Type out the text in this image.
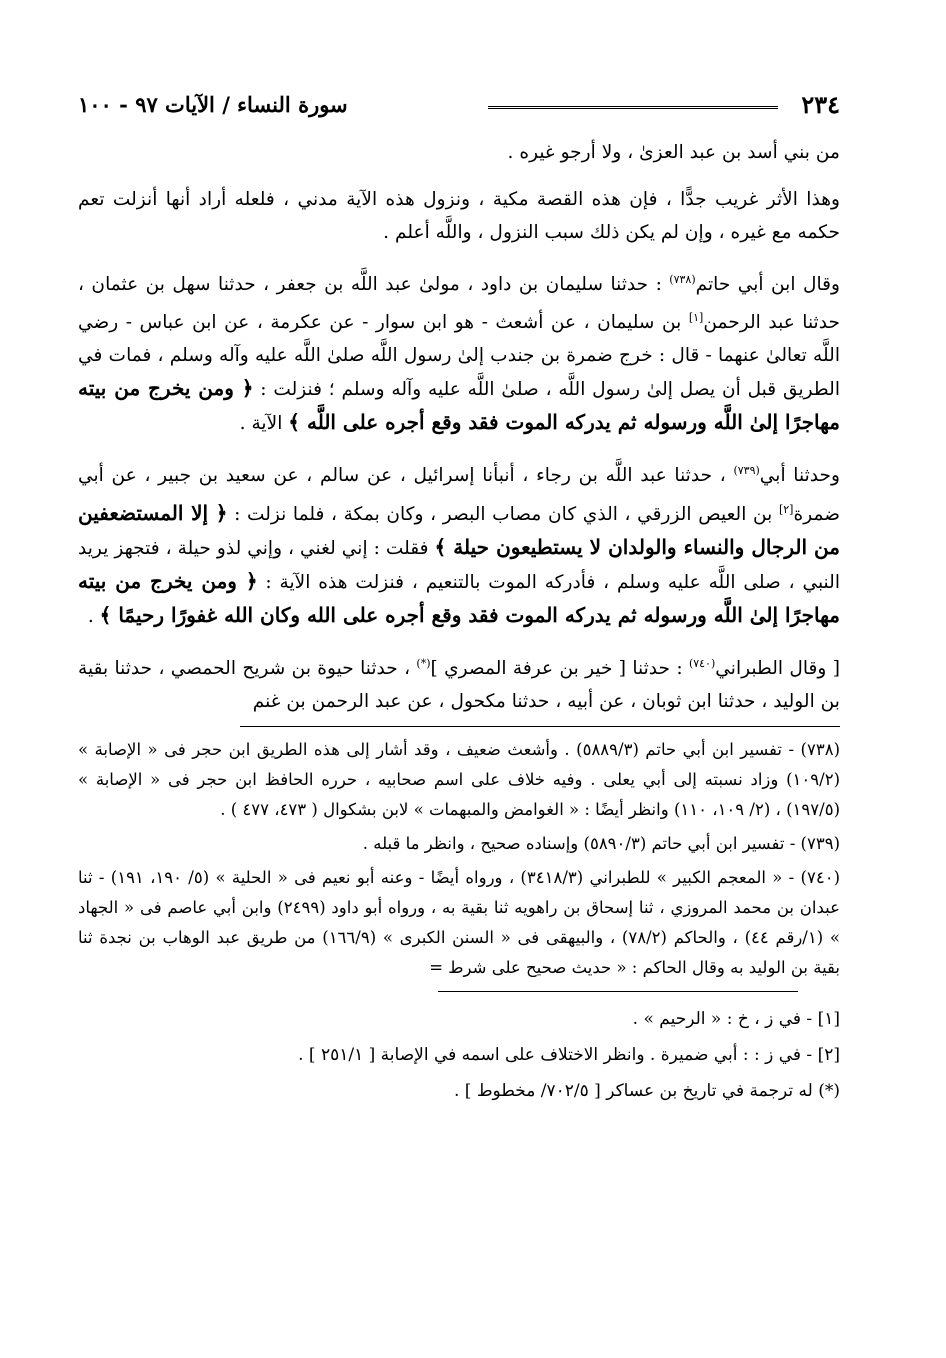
٢٣٤
سورة النساء / الآيات ٩٧ - ١٠٠

من بني أسد بن عبد العزىٰ ، ولا أرجو غيره .

وهذا الأثر غريب جدًّا ، فإن هذه القصة مكية ، ونزول هذه الآية مدني ، فلعله أراد أنها أنزلت تعم حكمه مع غيره ، وإن لم يكن ذلك سبب النزول ، واللَّه أعلم .

وقال ابن أبي حاتم$^{(٧٣٨)}$ : حدثنا سليمان بن داود ، مولىٰ عبد اللَّه بن جعفر ، حدثنا سهل بن عثمان ، حدثنا عبد الرحمن[١] بن سليمان ، عن أشعث - هو ابن سوار - عن عكرمة ، عن ابن عباس - رضي اللَّه تعالىٰ عنهما - قال : خرج ضمرة بن جندب إلىٰ رسول اللَّه صلىٰ اللَّه عليه وآله وسلم ، فمات في الطريق قبل أن يصل إلىٰ رسول اللَّه ، صلىٰ اللَّه عليه وآله وسلم ؛ فنزلت : ﴿ ومن يخرج من بيته مهاجرًا إلىٰ اللَّه ورسوله ثم يدركه الموت فقد وقع أجره على اللَّه ﴾ الآية .

وحدثنا أبي$^{(٧٣٩)}$ ، حدثنا عبد اللَّه بن رجاء ، أنبأنا إسرائيل ، عن سالم ، عن سعيد بن جبير ، عن أبي ضمرة[٢] بن العيص الزرقي ، الذي كان مصاب البصر ، وكان بمكة ، فلما نزلت : ﴿ إلا المستضعفين من الرجال والنساء والولدان لا يستطيعون حيلة ﴾ فقلت : إني لغني ، وإني لذو حيلة ، فتجهز يريد النبي ، صلى اللَّه عليه وسلم ، فأدركه الموت بالتنعيم ، فنزلت هذه الآية : ﴿ ومن يخرج من بيته مهاجرًا إلىٰ اللَّه ورسوله ثم يدركه الموت فقد وقع أجره على الله وكان الله غفورًا رحيمًا ﴾ .

[ وقال الطبراني$^{(٧٤٠)}$ : حدثنا [ خير بن عرفة المصري ](*) ، حدثنا حيوة بن شريح الحمصي ، حدثنا بقية بن الوليد ، حدثنا ابن ثوبان ، عن أبيه ، حدثنا مكحول ، عن عبد الرحمن بن غنم

(٧٣٨) - تفسير ابن أبي حاتم (٥٨٨٩/٣) . وأشعث ضعيف ، وقد أشار إلى هذه الطريق ابن حجر فى « الإصابة » (١٠٩/٢) وزاد نسبته إلى أبي يعلى . وفيه خلاف على اسم صحابيه ، حرره الحافظ ابن حجر فى « الإصابة » (١٩٧/٥) ، (٢/ ١٠٩، ١١٠) وانظر أيضًا : « الغوامض والمبهمات » لابن بشكوال ( ٤٧٣، ٤٧٧ ) .

(٧٣٩) - تفسير ابن أبي حاتم (٥٨٩٠/٣) وإسناده صحيح ، وانظر ما قبله .

(٧٤٠) - « المعجم الكبير » للطبراني (٣٤١٨/٣) ، ورواه أيضًا - وعنه أبو نعيم فى « الحلية » (٥/ ١٩٠، ١٩١) - ثنا عبدان بن محمد المروزي ، ثنا إسحاق بن راهويه ثنا بقية به ، ورواه أبو داود (٢٤٩٩) وابن أبي عاصم فى « الجهاد » (١/رقم ٤٤) ، والحاكم (٧٨/٢) ، والبيهقى فى « السنن الكبرى » (١٦٦/٩) من طريق عبد الوهاب بن نجدة ثنا بقية بن الوليد به وقال الحاكم : « حديث صحيح على شرط =

[١] - في ز ، خ : « الرحيم » .

[٢] - في ز : : أبي ضميرة . وانظر الاختلاف على اسمه في الإصابة [ ٢٥١/١ ] .

(*) له ترجمة في تاريخ بن عساكر [ ٧٠٢/٥/ مخطوط ] .
